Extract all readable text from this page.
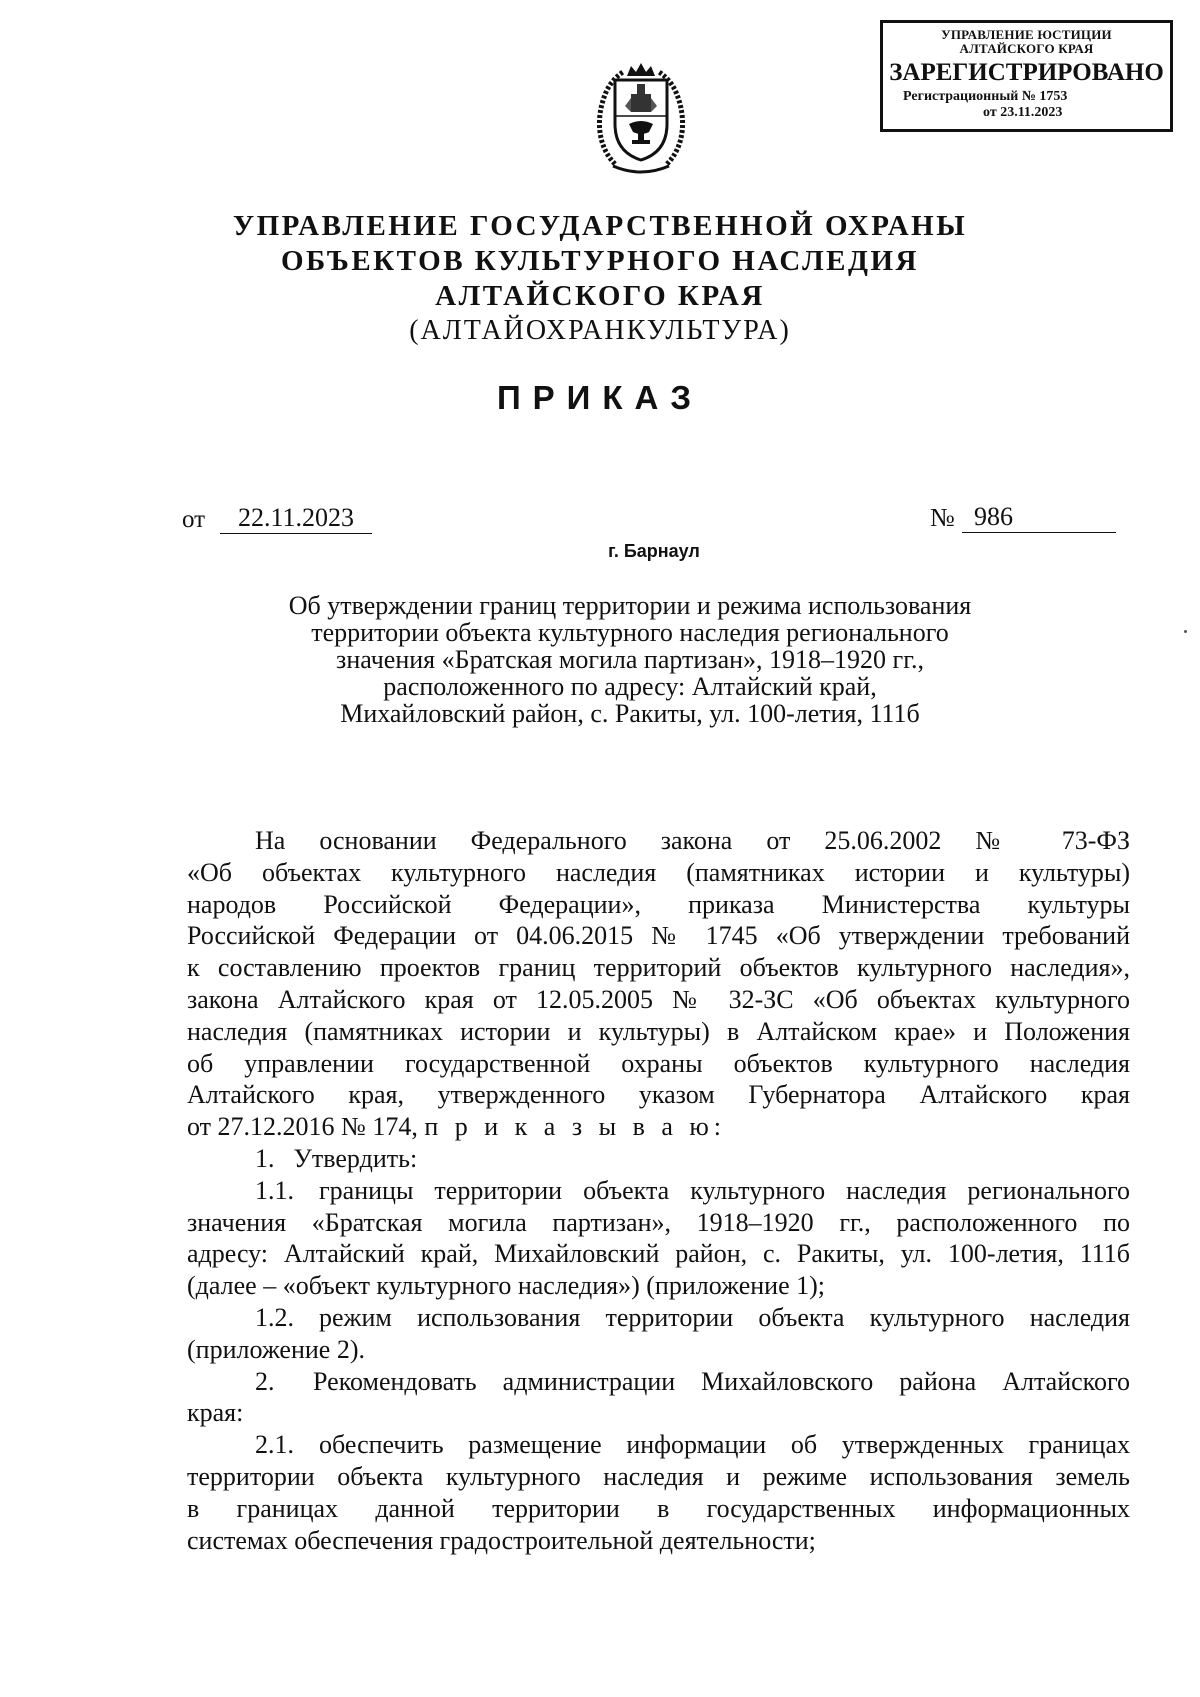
УПРАВЛЕНИЕ ЮСТИЦИИ
АЛТАЙСКОГО КРАЯ
ЗАРЕГИСТРИРОВАНО
Регистрационный № 1753
от 23.11.2023
УПРАВЛЕНИЕ ГОСУДАРСТВЕННОЙ ОХРАНЫ
ОБЪЕКТОВ КУЛЬТУРНОГО НАСЛЕДИЯ
АЛТАЙСКОГО КРАЯ
(АЛТАЙОХРАНКУЛЬТУРА)
ПРИКАЗ
от	22.11.2023	№ 986
г. Барнаул
Об утверждении границ территории и режима использования
территории объекта культурного наследия регионального
значения «Братская могила партизан», 1918–1920 гг.,
расположенного по адресу: Алтайский край,
Михайловский район, с. Ракиты, ул. 100-летия, 111б
На основании Федерального закона от 25.06.2002 № 73-ФЗ
«Об объектах культурного наследия (памятниках истории и культуры)
народов Российской Федерации», приказа Министерства культуры
Российской Федерации от 04.06.2015 № 1745 «Об утверждении требований
к составлению проектов границ территорий объектов культурного наследия»,
закона Алтайского края от 12.05.2005 № 32-ЗС «Об объектах культурного
наследия (памятниках истории и культуры) в Алтайском крае» и Положения
об управлении государственной охраны объектов культурного наследия
Алтайского края, утвержденного указом Губернатора Алтайского края
от 27.12.2016 № 174, п р и к а з ы в а ю:
1. Утвердить:
1.1. границы территории объекта культурного наследия регионального
значения «Братская могила партизан», 1918–1920 гг., расположенного по
адресу: Алтайский край, Михайловский район, с. Ракиты, ул. 100-летия, 111б
(далее – «объект культурного наследия») (приложение 1);
1.2. режим использования территории объекта культурного наследия
(приложение 2).
2. Рекомендовать администрации Михайловского района Алтайского
края:
2.1. обеспечить размещение информации об утвержденных границах
территории объекта культурного наследия и режиме использования земель
в границах данной территории в государственных информационных
системах обеспечения градостроительной деятельности;
